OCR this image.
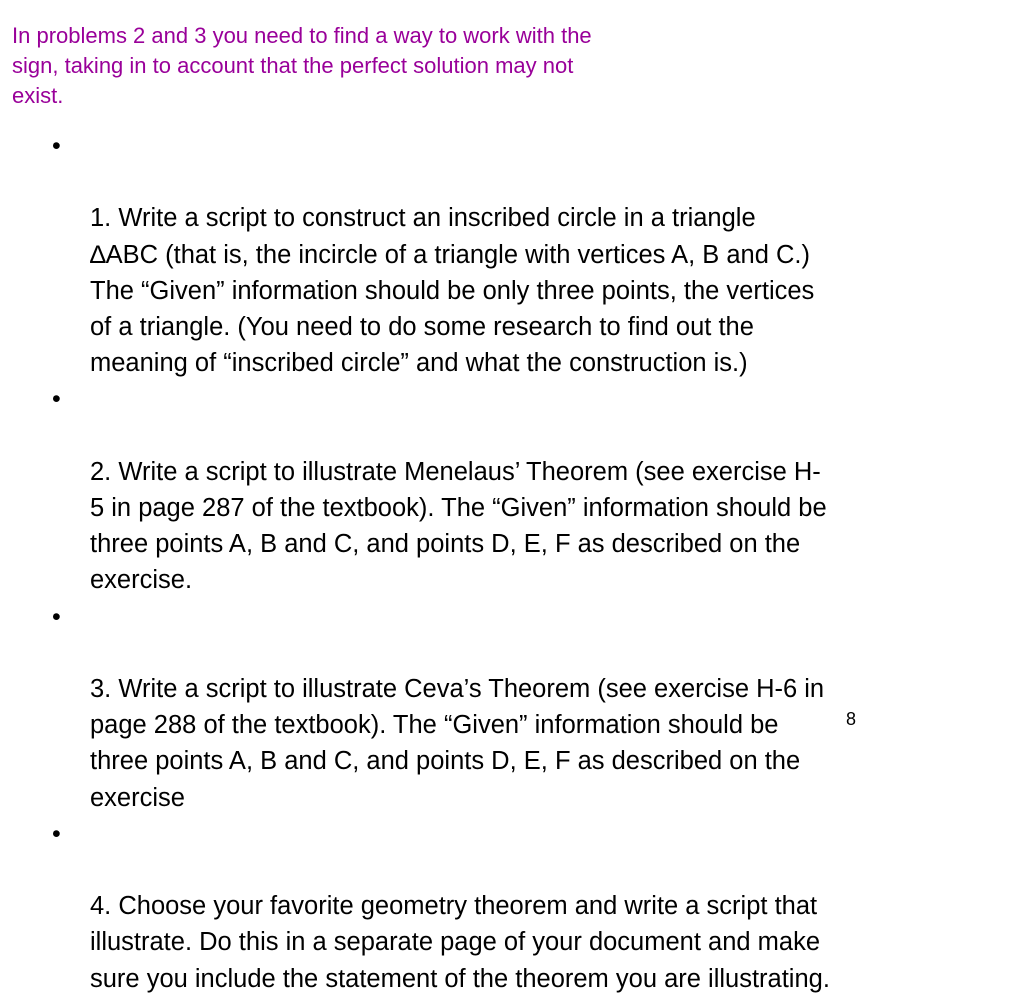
In problems 2 and 3 you need to find a way to work with the
sign, taking in to account that the perfect solution may not
exist.

•

1. Write a script to construct an inscribed circle in a triangle
∆ABC (that is, the incircle of a triangle with vertices A, B and C.)
The “Given” information should be only three points, the vertices
of a triangle. (You need to do some research to find out the
meaning of “inscribed circle” and what the construction is.)

•

2. Write a script to illustrate Menelaus’ Theorem (see exercise H-
5 in page 287 of the textbook). The “Given” information should be
three points A, B and C, and points D, E, F as described on the
exercise.

•

3. Write a script to illustrate Ceva’s Theorem (see exercise H-6 in
page 288 of the textbook). The “Given” information should be
three points A, B and C, and points D, E, F as described on the
exercise

•

4. Choose your favorite geometry theorem and write a script that
illustrate. Do this in a separate page of your document and make
sure you include the statement of the theorem you are illustrating.

8
